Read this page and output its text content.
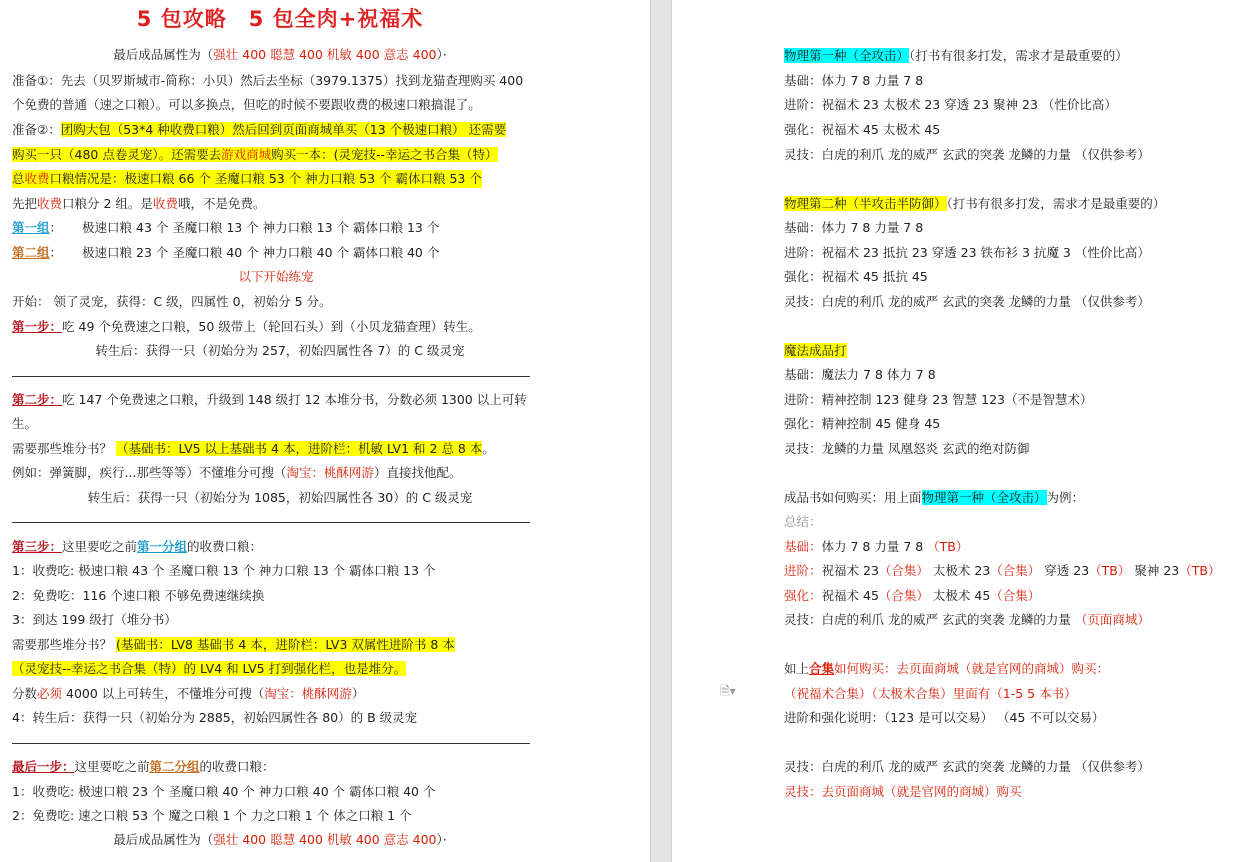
5 包攻略　5 包全肉+祝福术
最后成品属性为（强壮 400 聪慧 400 机敏 400 意志 400）·
准备①：先去（贝罗斯城市-简称：小贝）然后去坐标（3979.1375）找到龙猫查理购买 400
个免费的普通（速之口粮）。可以多换点，但吃的时候不要跟收费的极速口粮搞混了。
准备②：团购大包（53*4 种收费口粮）然后回到页面商城单买（13 个极速口粮） 还需要
购买一只（480 点卷灵宠）。还需要去游戏商城购买一本：(灵宠技--幸运之书合集（特）
总收费口粮情况是：极速口粮 66 个 圣魔口粮 53 个 神力口粮 53 个 霸体口粮 53 个
先把收费口粮分 2 组。是收费哦，不是免费。
第一组： 极速口粮 43 个 圣魔口粮 13 个 神力口粮 13 个 霸体口粮 13 个
第二组： 极速口粮 23 个 圣魔口粮 40 个 神力口粮 40 个 霸体口粮 40 个
以下开始练宠
开始： 领了灵宠，获得：C 级，四属性 0，初始分 5 分。
第一步：吃 49 个免费速之口粮，50 级带上（轮回石头）到（小贝龙猫查理）转生。
转生后：获得一只（初始分为 257，初始四属性各 7）的 C 级灵宠
第二步：吃 147 个免费速之口粮，升级到 148 级打 12 本堆分书，分数必须 1300 以上可转
生。
需要那些堆分书？ （基础书：LV5 以上基础书 4 本，进阶栏：机敏 LV1 和 2 总 8 本。
例如：弹簧脚，疾行...那些等等）不懂堆分可搜（淘宝：桃酥网游）直接找他配。
转生后：获得一只（初始分为 1085，初始四属性各 30）的 C 级灵宠
第三步：这里要吃之前第一分组的收费口粮：
1：收费吃: 极速口粮 43 个 圣魔口粮 13 个 神力口粮 13 个 霸体口粮 13 个
2：免费吃：116 个速口粮 不够免费速继续换
3：到达 199 级打（堆分书）
需要那些堆分书？ (基础书：LV8 基础书 4 本，进阶栏：LV3 双属性进阶书 8 本
（灵宠技--幸运之书合集（特）的 LV4 和 LV5 打到强化栏，也是堆分。
分数必须 4000 以上可转生，不懂堆分可搜（淘宝：桃酥网游）
4：转生后：获得一只（初始分为 2885，初始四属性各 80）的 B 级灵宠
最后一步：这里要吃之前第二分组的收费口粮：
1：收费吃: 极速口粮 23 个 圣魔口粮 40 个 神力口粮 40 个 霸体口粮 40 个
2：免费吃: 速之口粮 53 个 魔之口粮 1 个 力之口粮 1 个 体之口粮 1 个
最后成品属性为（强壮 400 聪慧 400 机敏 400 意志 400）·
物理第一种（全攻击）（打书有很多打发，需求才是最重要的）
基础：体力 7 8 力量 7 8
进阶：祝福术 23 太极术 23 穿透 23 聚神 23 （性价比高）
强化：祝福术 45 太极术 45
灵技：白虎的利爪 龙的威严 玄武的突袭 龙鳞的力量 （仅供参考）
物理第二种（半攻击半防御）（打书有很多打发，需求才是最重要的）
基础：体力 7 8 力量 7 8
进阶：祝福术 23 抵抗 23 穿透 23 铁布衫 3 抗魔 3 （性价比高）
强化：祝福术 45 抵抗 45
灵技：白虎的利爪 龙的威严 玄武的突袭 龙鳞的力量 （仅供参考）
魔法成品打
基础：魔法力 7 8 体力 7 8
进阶：精神控制 123 健身 23 智慧 123（不是智慧术）
强化：精神控制 45 健身 45
灵技：龙鳞的力量 凤凰怒炎 玄武的绝对防御
成品书如何购买：用上面物理第一种（全攻击）为例：
总结：
基础：体力 7 8 力量 7 8 （TB）
进阶：祝福术 23（合集） 太极术 23（合集） 穿透 23（TB） 聚神 23（TB）
强化：祝福术 45（合集） 太极术 45（合集）
灵技：白虎的利爪 龙的威严 玄武的突袭 龙鳞的力量 （页面商城）
如上合集如何购买：去页面商城（就是官网的商城）购买：
（祝福术合集）（太极术合集）里面有（1-5 5 本书）
进阶和强化说明：（123 是可以交易） （45 不可以交易）
灵技：白虎的利爪 龙的威严 玄武的突袭 龙鳞的力量 （仅供参考）
灵技：去页面商城（就是官网的商城）购买
🗎▾
